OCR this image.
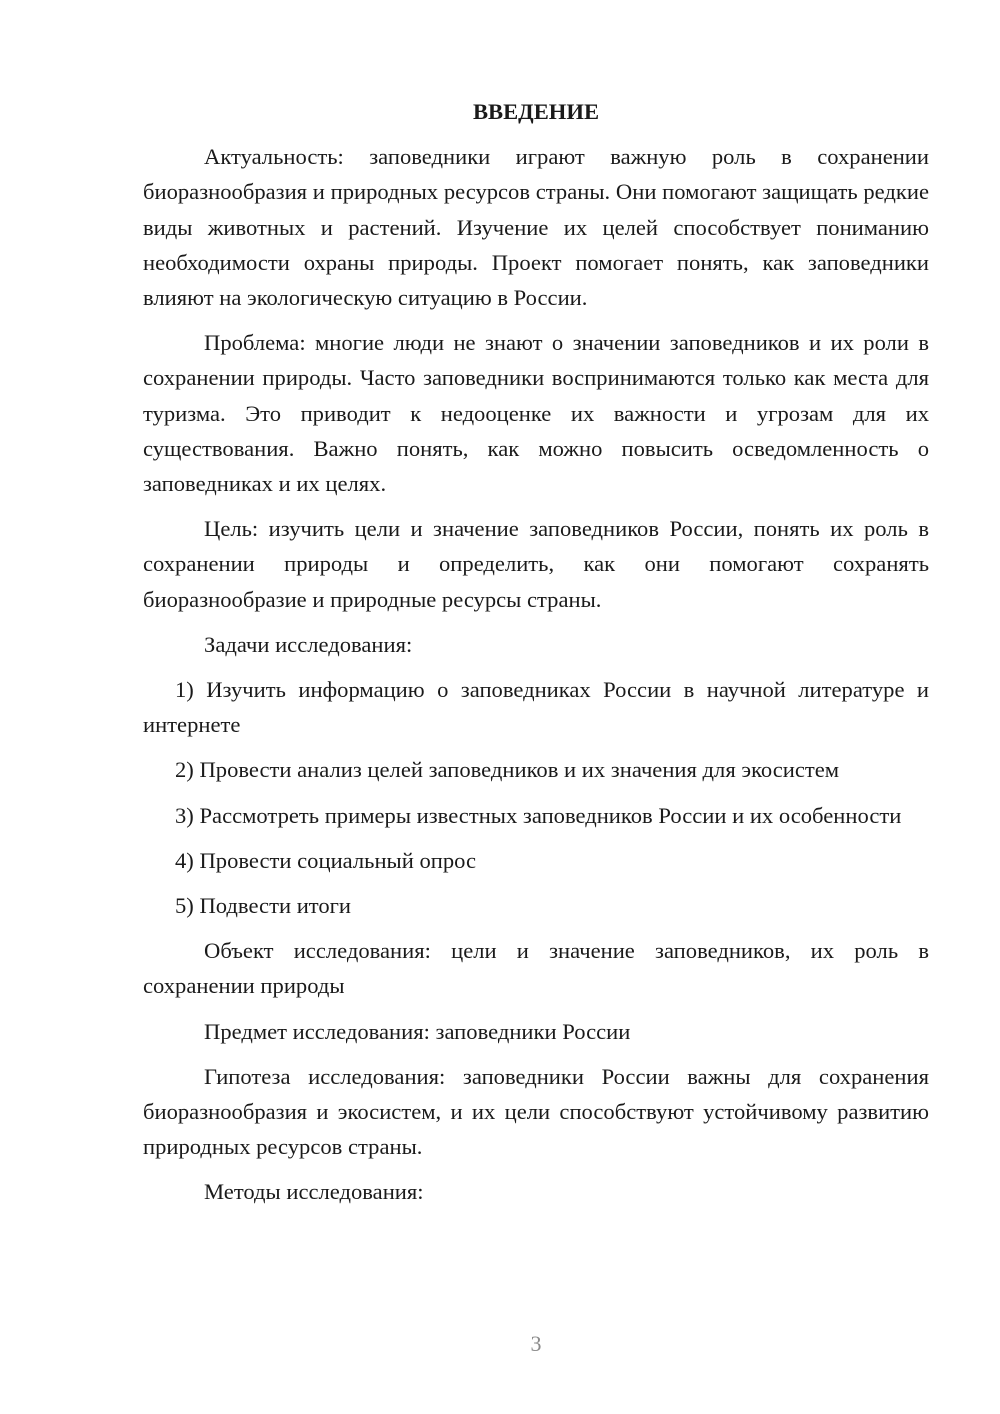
ВВЕДЕНИЕ

Актуальность: заповедники играют важную роль в сохранении биоразнообразия и природных ресурсов страны. Они помогают защищать редкие виды животных и растений. Изучение их целей способствует пониманию необходимости охраны природы. Проект помогает понять, как заповедники влияют на экологическую ситуацию в России.

Проблема: многие люди не знают о значении заповедников и их роли в сохранении природы. Часто заповедники воспринимаются только как места для туризма. Это приводит к недооценке их важности и угрозам для их существования. Важно понять, как можно повысить осведомленность о заповедниках и их целях.

Цель: изучить цели и значение заповедников России, понять их роль в сохранении природы и определить, как они помогают сохранять биоразнообразие и природные ресурсы страны.

Задачи исследования:

1) Изучить информацию о заповедниках России в научной литературе и интернете

2) Провести анализ целей заповедников и их значения для экосистем

3) Рассмотреть примеры известных заповедников России и их особенности

4) Провести социальный опрос

5) Подвести итоги

Объект исследования: цели и значение заповедников, их роль в сохранении природы

Предмет исследования: заповедники России

Гипотеза исследования: заповедники России важны для сохранения биоразнообразия и экосистем, и их цели способствуют устойчивому развитию природных ресурсов страны.

Методы исследования:

3
